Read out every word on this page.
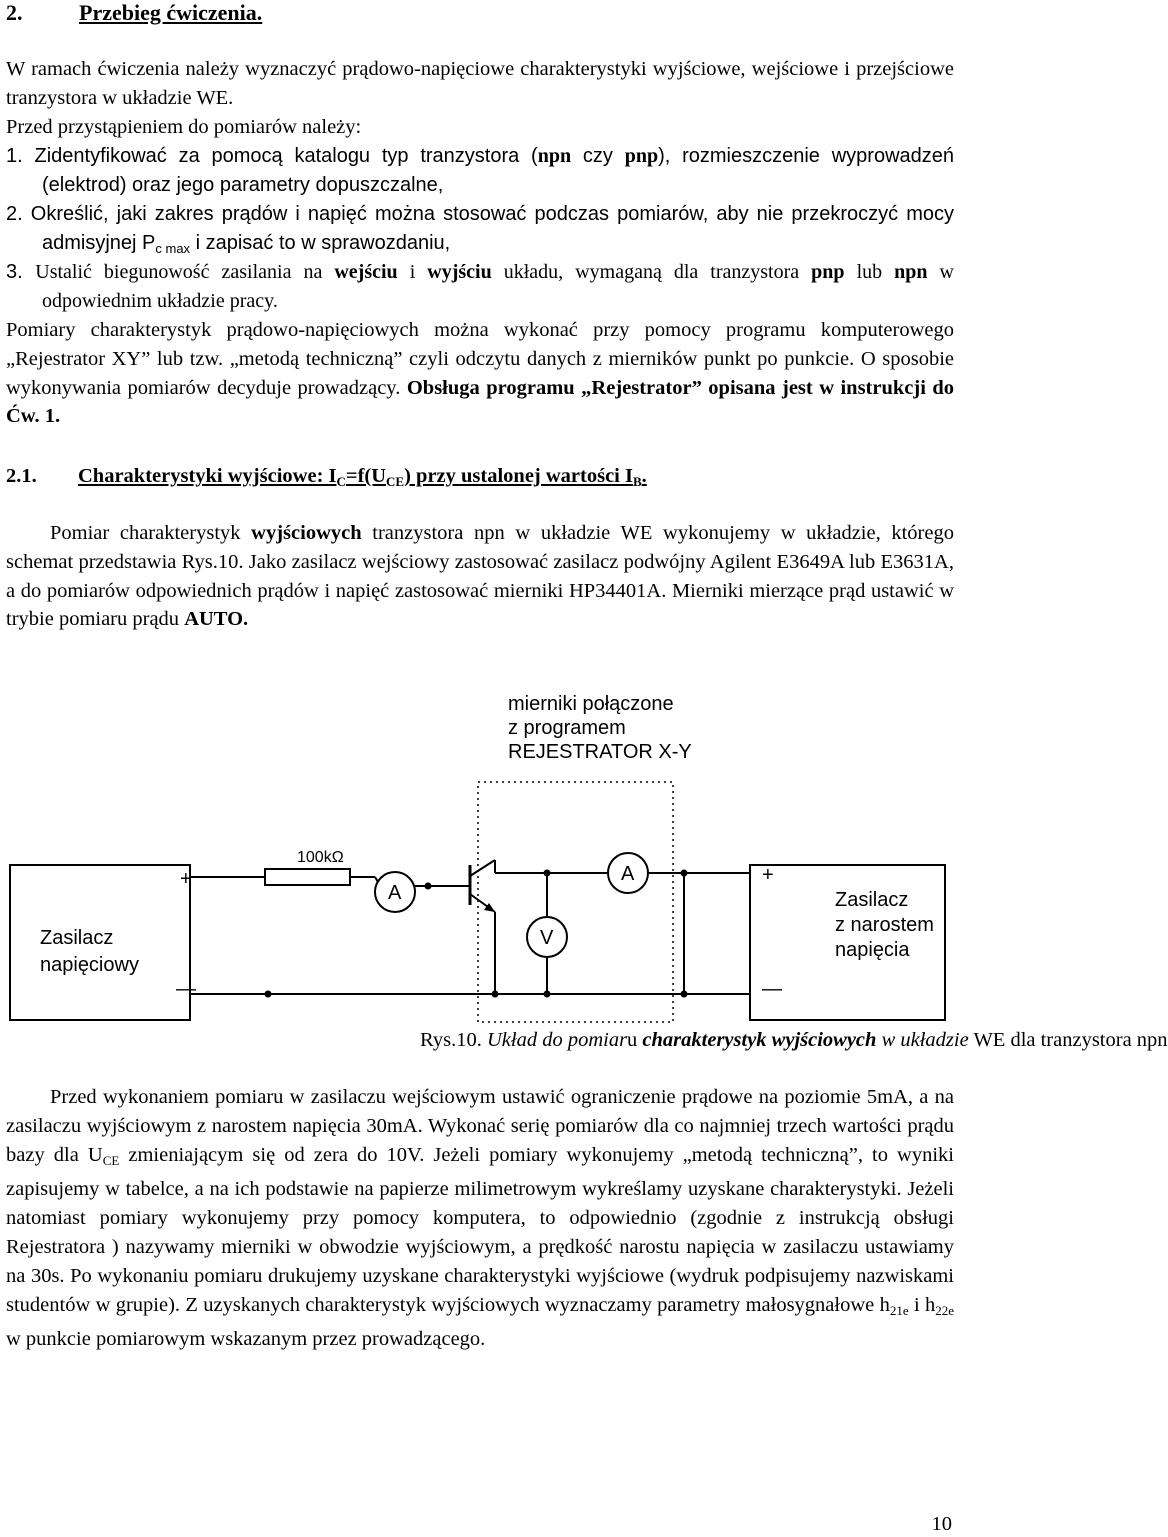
2.	Przebieg ćwiczenia.

W ramach ćwiczenia należy wyznaczyć prądowo-napięciowe charakterystyki wyjściowe, wejściowe i przejściowe tranzystora w układzie WE.

Przed przystąpieniem do pomiarów należy:

1. Zidentyfikować za pomocą katalogu typ tranzystora (npn czy pnp), rozmieszczenie wyprowadzeń (elektrod) oraz jego parametry dopuszczalne,

2. Określić, jaki zakres prądów i napięć można stosować podczas pomiarów, aby nie przekroczyć mocy admisyjnej $P_{c max}$ i zapisać to w sprawozdaniu,

3. Ustalić biegunowość zasilania na wejściu i wyjściu układu, wymaganą dla tranzystora pnp lub npn w odpowiednim układzie pracy.

Pomiary charakterystyk prądowo-napięciowych można wykonać przy pomocy programu komputerowego „Rejestrator XY” lub tzw. „metodą techniczną” czyli odczytu danych z mierników punkt po punkcie. O sposobie wykonywania pomiarów decyduje prowadzący. Obsługa programu „Rejestrator” opisana jest w instrukcji do Ćw. 1.

2.1. Charakterystyki wyjściowe: $I_C=f(U_{CE})$ przy ustalonej wartości $I_B$.

Pomiar charakterystyk wyjściowych tranzystora npn w układzie WE wykonujemy w układzie, którego schemat przedstawia Rys.10. Jako zasilacz wejściowy zastosować zasilacz podwójny Agilent E3649A lub E3631A, a do pomiarów odpowiednich prądów i napięć zastosować mierniki HP34401A. Mierniki mierzące prąd ustawić w trybie pomiaru prądu AUTO.

mierniki połączone
z programem
REJESTRATOR X-Y
Zasilacz
napięciowy
+
—
Zasilacz
z narostem
napięcia
+
—
100kΩ
A
V
A

Rys.10. Układ do pomiaru charakterystyk wyjściowych w układzie WE dla tranzystora npn

Przed wykonaniem pomiaru w zasilaczu wejściowym ustawić ograniczenie prądowe na poziomie 5mA, a na zasilaczu wyjściowym z narostem napięcia 30mA. Wykonać serię pomiarów dla co najmniej trzech wartości prądu bazy dla $U_{CE}$ zmieniającym się od zera do 10V. Jeżeli pomiary wykonujemy „metodą techniczną”, to wyniki zapisujemy w tabelce, a na ich podstawie na papierze milimetrowym wykreślamy uzyskane charakterystyki. Jeżeli natomiast pomiary wykonujemy przy pomocy komputera, to odpowiednio (zgodnie z instrukcją obsługi Rejestratora ) nazywamy mierniki w obwodzie wyjściowym, a prędkość narostu napięcia w zasilaczu ustawiamy na 30s. Po wykonaniu pomiaru drukujemy uzyskane charakterystyki wyjściowe (wydruk podpisujemy nazwiskami studentów w grupie). Z uzyskanych charakterystyk wyjściowych wyznaczamy parametry małosygnałowe $h_{21e}$ i $h_{22e}$ w punkcie pomiarowym wskazanym przez prowadzącego.

10
